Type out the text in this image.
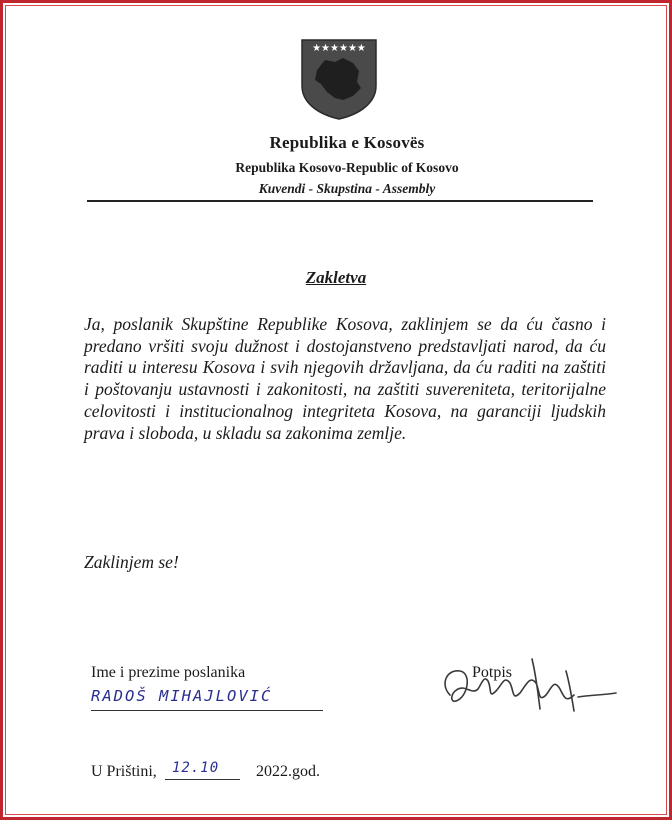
★★★★★★
Republika e Kosovës
Republika Kosovo-Republic of Kosovo
Kuvendi - Skupstina - Assembly
Zakletva

Ja, poslanik Skupštine Republike Kosova, zaklinjem se da ću časno i predano vršiti svoju dužnost i dostojanstveno predstavljati narod, da ću raditi u interesu Kosova i svih njegovih državljana, da ću raditi na zaštiti i poštovanju ustavnosti i zakonitosti, na zaštiti suvereniteta, teritorijalne celovitosti i institucionalnog integriteta Kosova, na garanciji ljudskih prava i sloboda, u skladu sa zakonima zemlje.

Zaklinjem se!

Ime i prezime poslanika
RADOŠ MIHAJLOVIĆ
Potpis
U Prištini, 12.10 2022.god.
